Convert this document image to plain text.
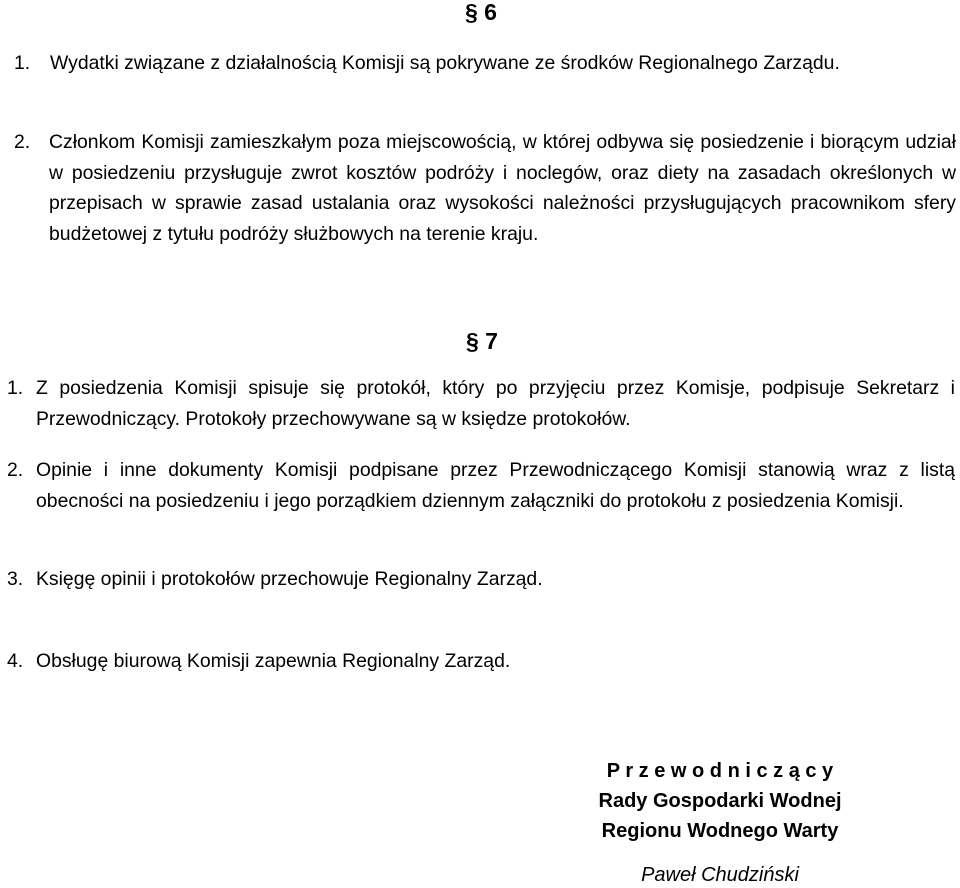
§ 6

1.	Wydatki związane z działalnością Komisji są pokrywane ze środków Regionalnego Zarządu.

2. Członkom Komisji zamieszkałym poza miejscowością, w której odbywa się posiedzenie i biorącym udział w posiedzeniu przysługuje zwrot kosztów podróży i noclegów, oraz diety na zasadach określonych w przepisach w sprawie zasad ustalania oraz wysokości należności przysługujących pracownikom sfery budżetowej z tytułu podróży służbowych na terenie kraju.

§ 7

1. Z posiedzenia Komisji spisuje się protokół, który po przyjęciu przez Komisje, podpisuje Sekretarz i Przewodniczący. Protokoły przechowywane są w księdze protokołów.

2. Opinie i inne dokumenty Komisji podpisane przez Przewodniczącego Komisji stanowią wraz z listą obecności na posiedzeniu i jego porządkiem dziennym załączniki do protokołu z posiedzenia Komisji.

3. Księgę opinii i protokołów przechowuje Regionalny Zarząd.

4. Obsługę biurową Komisji zapewnia Regionalny Zarząd.

P r z e w o d n i c z ą c y
Rady Gospodarki Wodnej
Regionu Wodnego Warty
Paweł Chudziński
